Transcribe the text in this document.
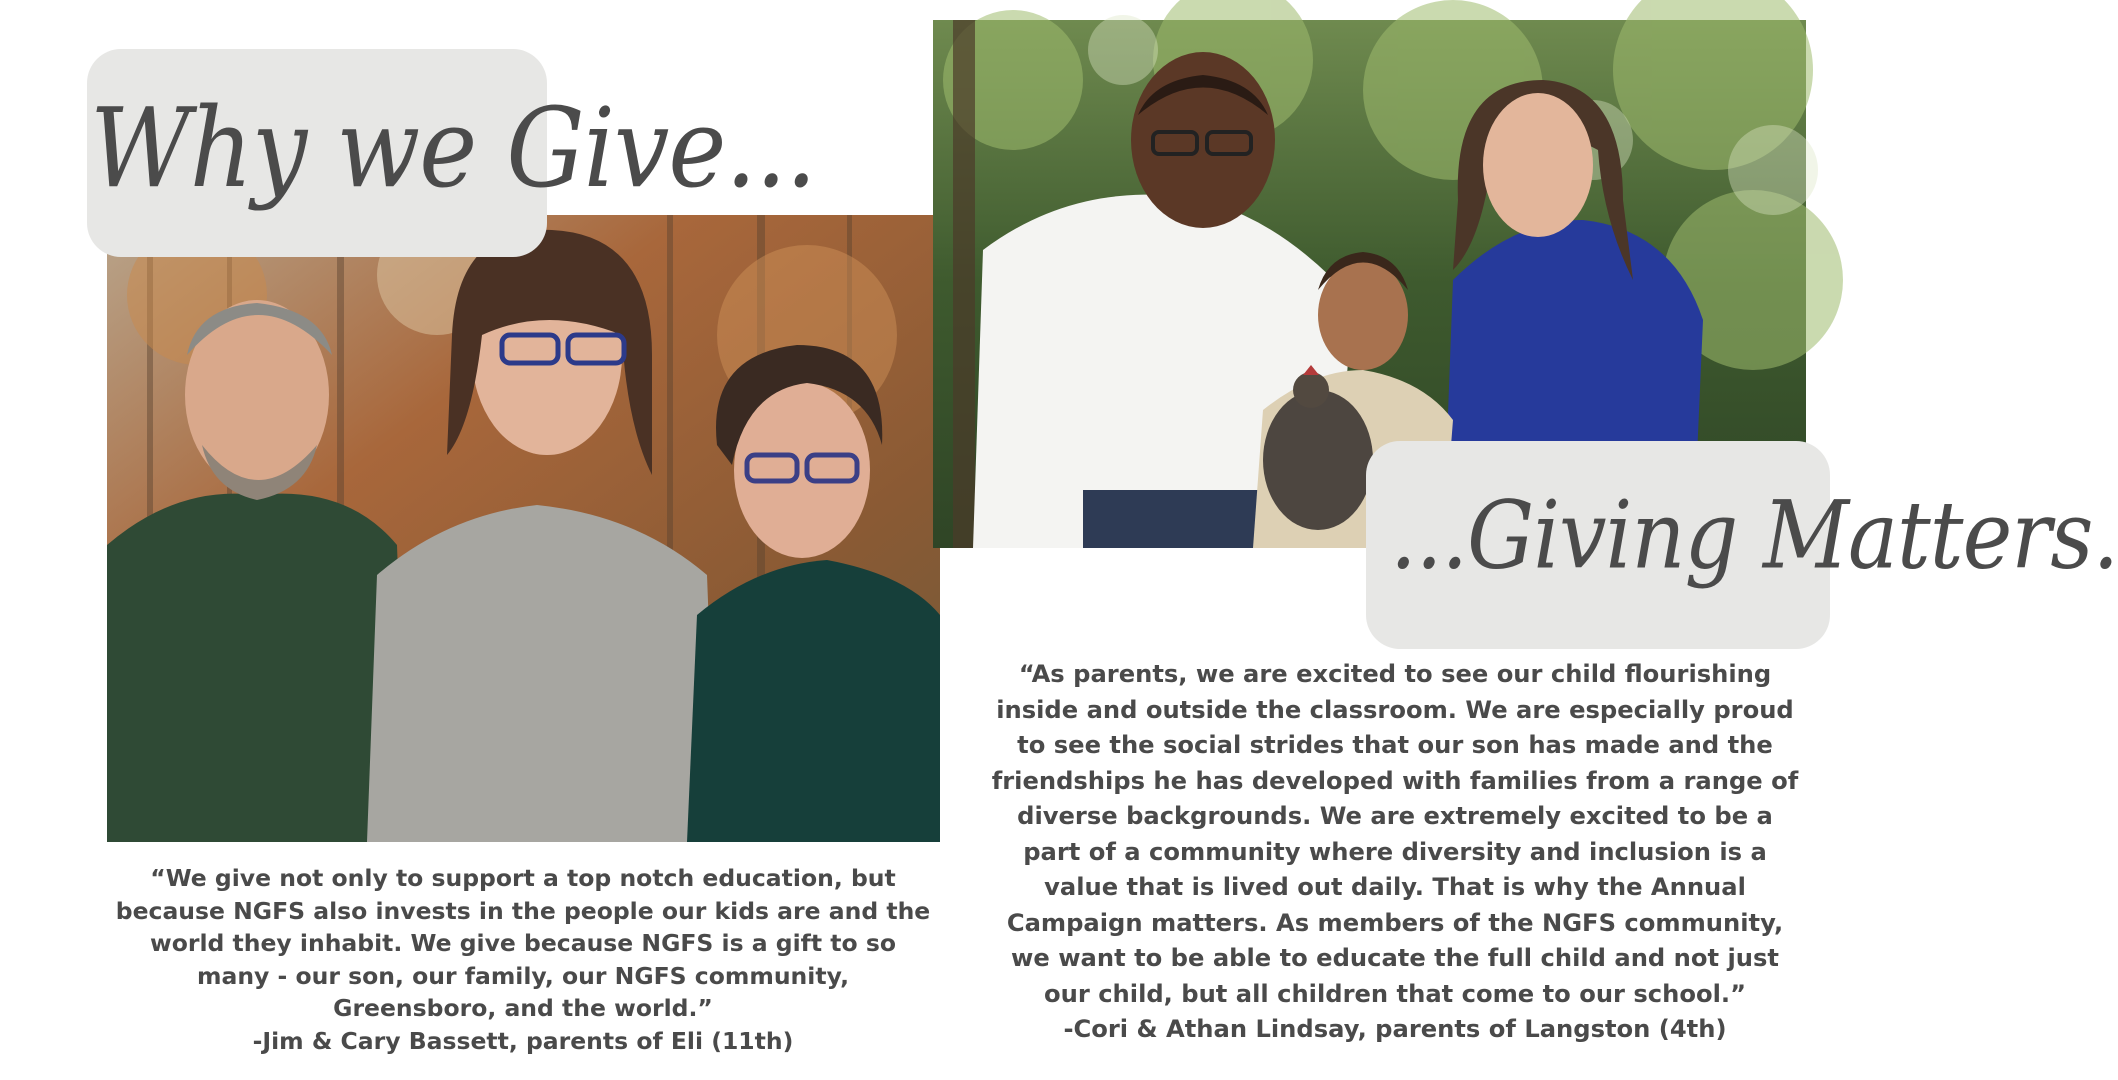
Why we Give...
...Giving Matters.
“We give not only to support a top notch education, but
because NGFS also invests in the people our kids are and the
world they inhabit. We give because NGFS is a gift to so
many - our son, our family, our NGFS community,
Greensboro, and the world.”
-Jim & Cary Bassett, parents of Eli (11th)
“As parents, we are excited to see our child flourishing
inside and outside the classroom. We are especially proud
to see the social strides that our son has made and the
friendships he has developed with families from a range of
diverse backgrounds. We are extremely excited to be a
part of a community where diversity and inclusion is a
value that is lived out daily. That is why the Annual
Campaign matters. As members of the NGFS community,
we want to be able to educate the full child and not just
our child, but all children that come to our school.”
-Cori & Athan Lindsay, parents of Langston (4th)
